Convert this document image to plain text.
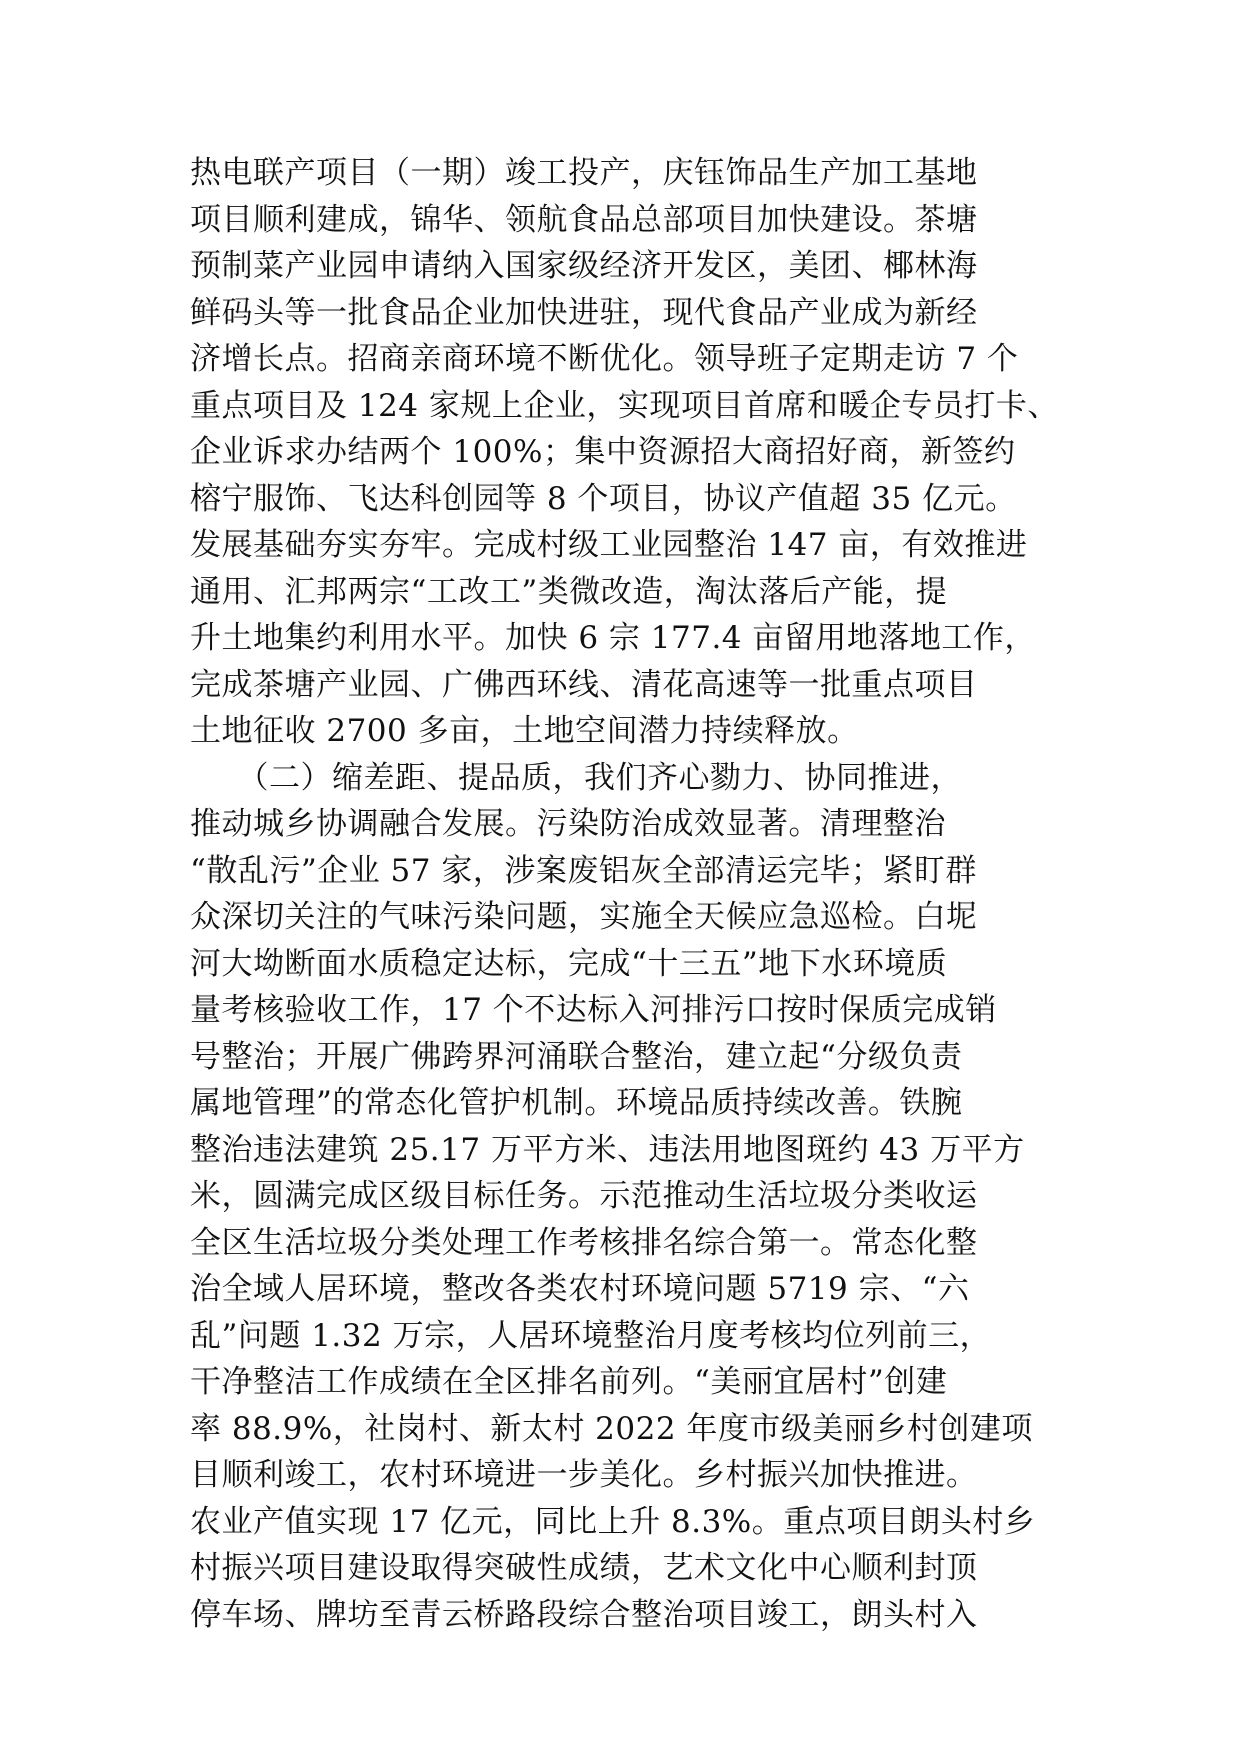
热电联产项目（一期）竣工投产，庆钰饰品生产加工基地
项目顺利建成，锦华、领航食品总部项目加快建设。茶塘
预制菜产业园申请纳入国家级经济开发区，美团、椰林海
鲜码头等一批食品企业加快进驻，现代食品产业成为新经
济增长点。招商亲商环境不断优化。领导班子定期走访 7 个
重点项目及 124 家规上企业，实现项目首席和暖企专员打卡、
企业诉求办结两个 100%；集中资源招大商招好商，新签约
榕宁服饰、飞达科创园等 8 个项目，协议产值超 35 亿元。
发展基础夯实夯牢。完成村级工业园整治 147 亩，有效推进
通用、汇邦两宗“工改工”类微改造，淘汰落后产能，提
升土地集约利用水平。加快 6 宗 177.4 亩留用地落地工作，
完成茶塘产业园、广佛西环线、清花高速等一批重点项目
土地征收 2700 多亩，土地空间潜力持续释放。
　　（二）缩差距、提品质，我们齐心勠力、协同推进，
推动城乡协调融合发展。污染防治成效显著。清理整治
“散乱污”企业 57 家，涉案废铝灰全部清运完毕；紧盯群
众深切关注的气味污染问题，实施全天候应急巡检。白坭
河大坳断面水质稳定达标，完成“十三五”地下水环境质
量考核验收工作，17 个不达标入河排污口按时保质完成销
号整治；开展广佛跨界河涌联合整治，建立起“分级负责
属地管理”的常态化管护机制。环境品质持续改善。铁腕
整治违法建筑 25.17 万平方米、违法用地图斑约 43 万平方
米，圆满完成区级目标任务。示范推动生活垃圾分类收运
全区生活垃圾分类处理工作考核排名综合第一。常态化整
治全域人居环境，整改各类农村环境问题 5719 宗、“六
乱”问题 1.32 万宗，人居环境整治月度考核均位列前三，
干净整洁工作成绩在全区排名前列。“美丽宜居村”创建
率 88.9%，社岗村、新太村 2022 年度市级美丽乡村创建项
目顺利竣工，农村环境进一步美化。乡村振兴加快推进。
农业产值实现 17 亿元，同比上升 8.3%。重点项目朗头村乡
村振兴项目建设取得突破性成绩，艺术文化中心顺利封顶
停车场、牌坊至青云桥路段综合整治项目竣工，朗头村入
